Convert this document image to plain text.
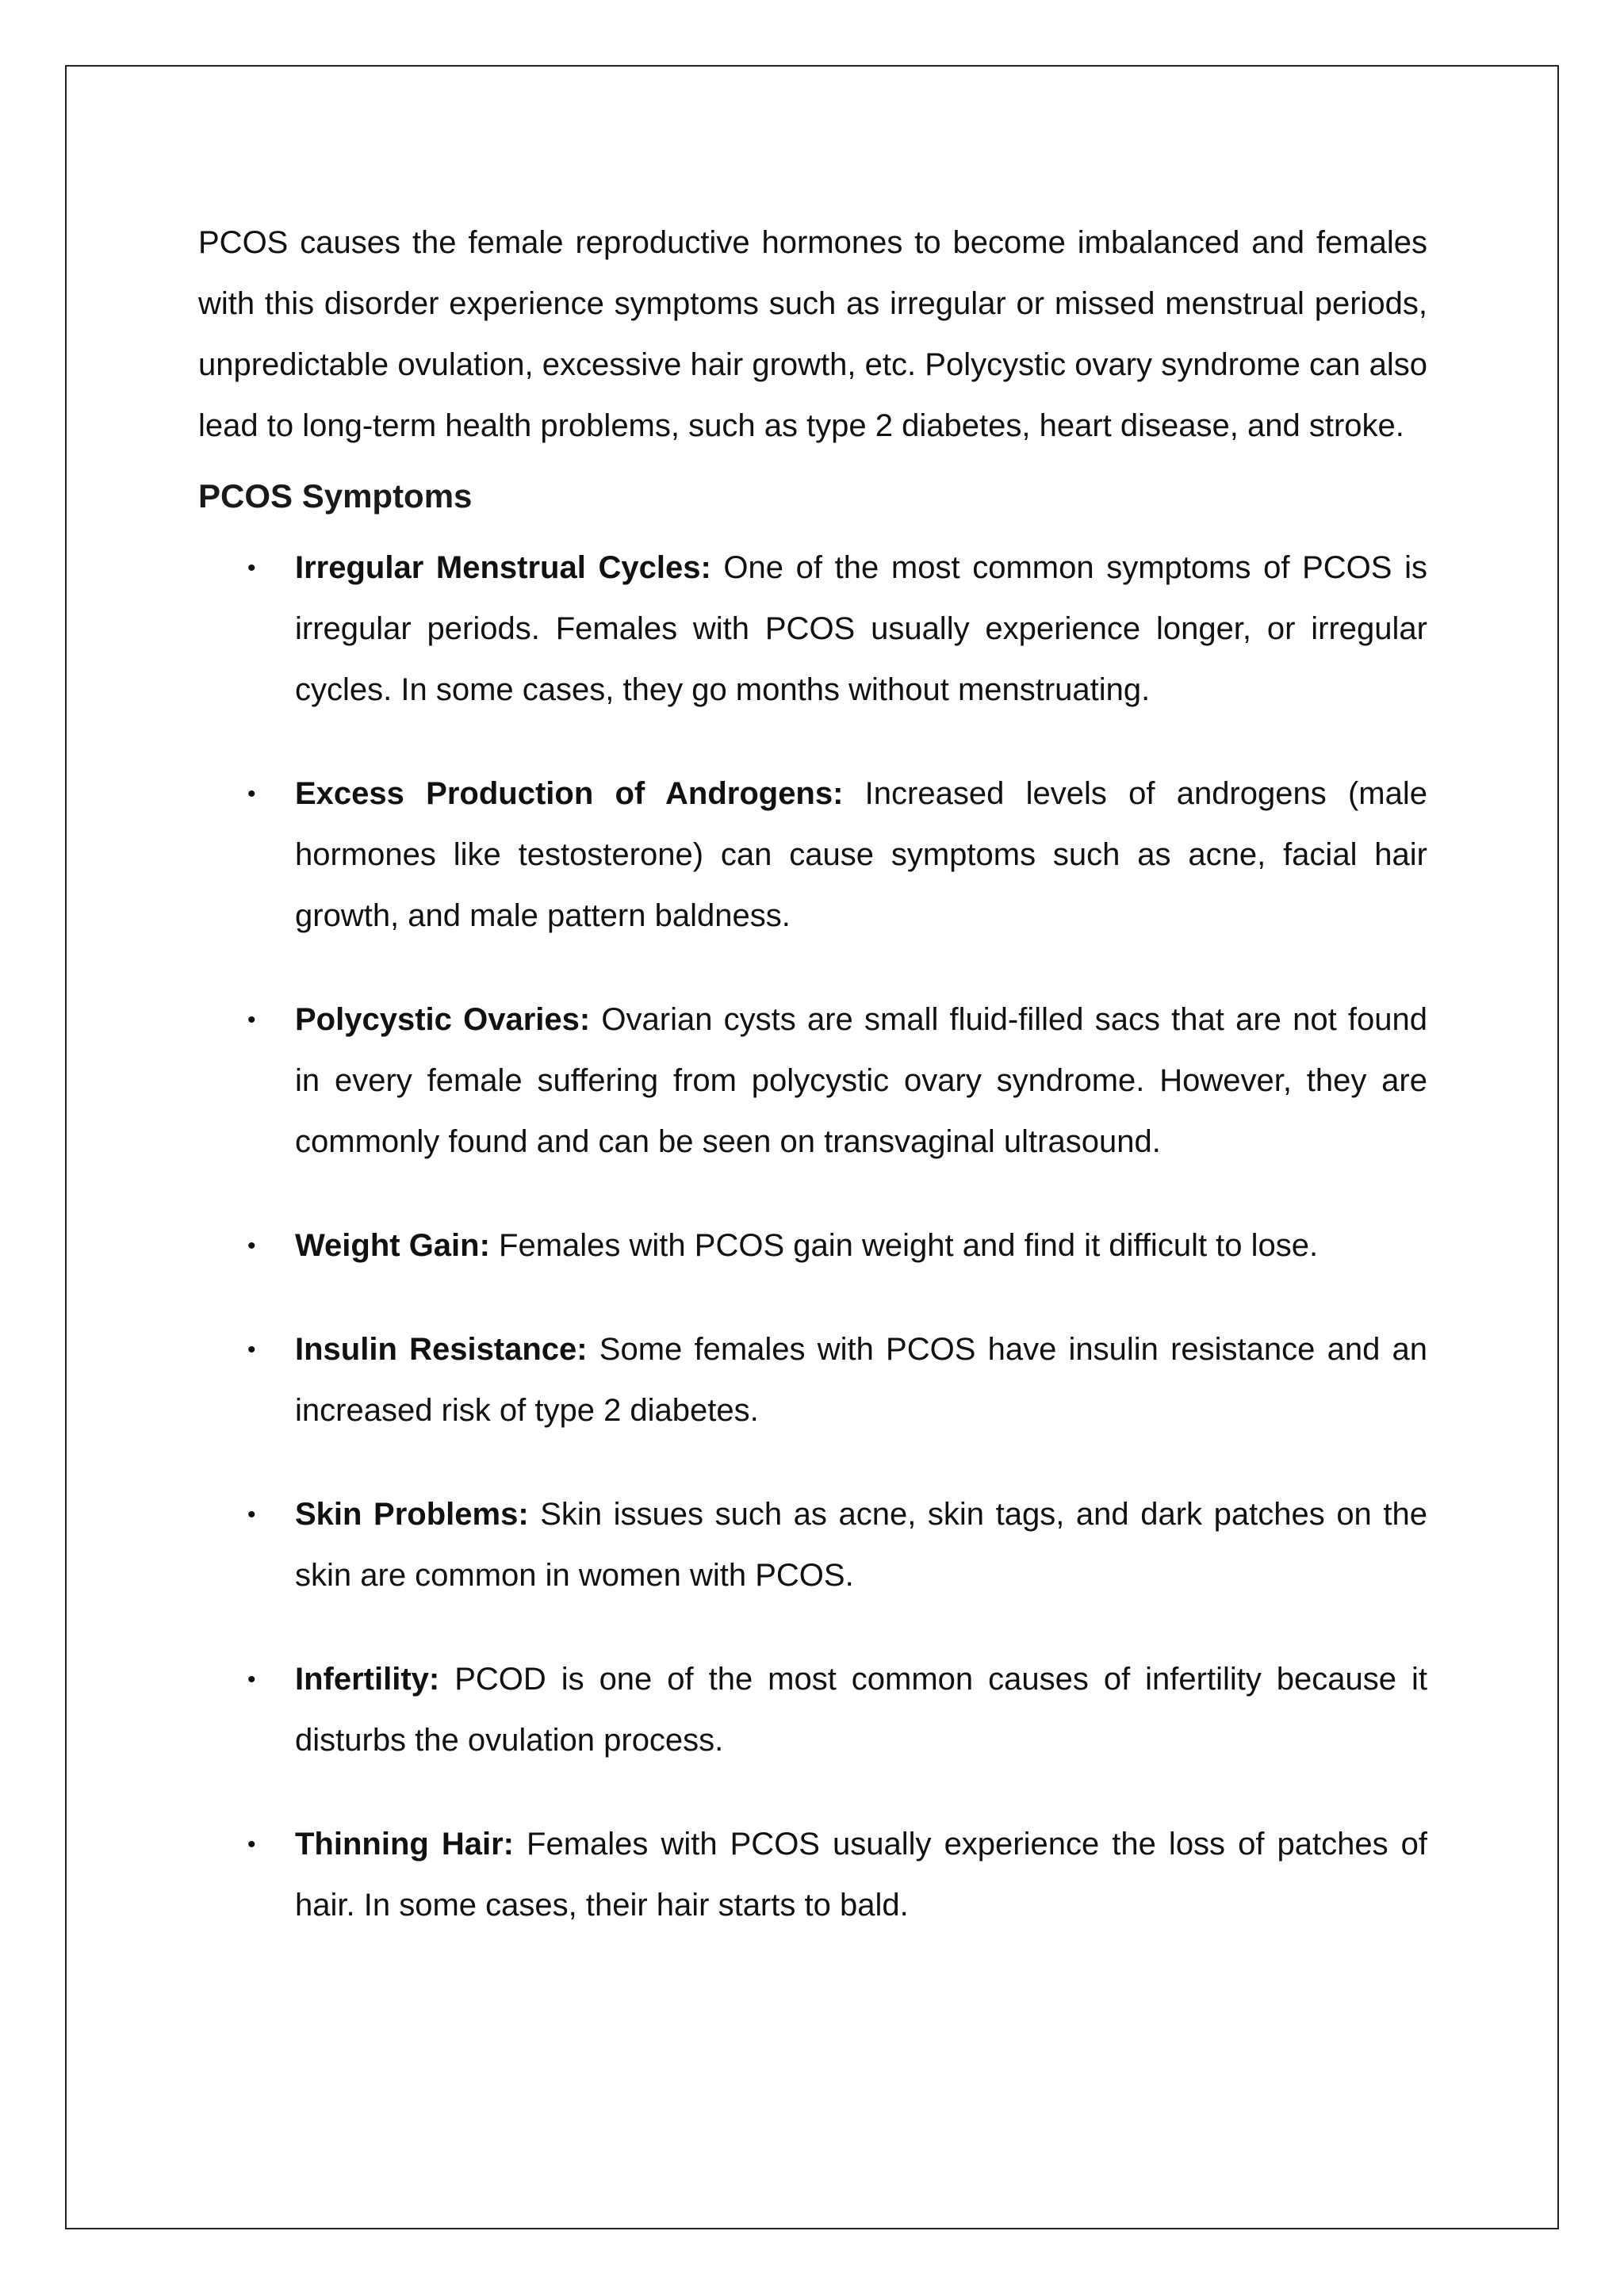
PCOS causes the female reproductive hormones to become imbalanced and females with this disorder experience symptoms such as irregular or missed menstrual periods, unpredictable ovulation, excessive hair growth, etc. Polycystic ovary syndrome can also lead to long-term health problems, such as type 2 diabetes, heart disease, and stroke.

PCOS Symptoms
• Irregular Menstrual Cycles: One of the most common symptoms of PCOS is irregular periods. Females with PCOS usually experience longer, or irregular cycles. In some cases, they go months without menstruating.
• Excess Production of Androgens: Increased levels of androgens (male hormones like testosterone) can cause symptoms such as acne, facial hair growth, and male pattern baldness.
• Polycystic Ovaries: Ovarian cysts are small fluid-filled sacs that are not found in every female suffering from polycystic ovary syndrome. However, they are commonly found and can be seen on transvaginal ultrasound.
• Weight Gain: Females with PCOS gain weight and find it difficult to lose.
• Insulin Resistance: Some females with PCOS have insulin resistance and an increased risk of type 2 diabetes.
• Skin Problems: Skin issues such as acne, skin tags, and dark patches on the skin are common in women with PCOS.
• Infertility: PCOD is one of the most common causes of infertility because it disturbs the ovulation process.
• Thinning Hair: Females with PCOS usually experience the loss of patches of hair. In some cases, their hair starts to bald.
